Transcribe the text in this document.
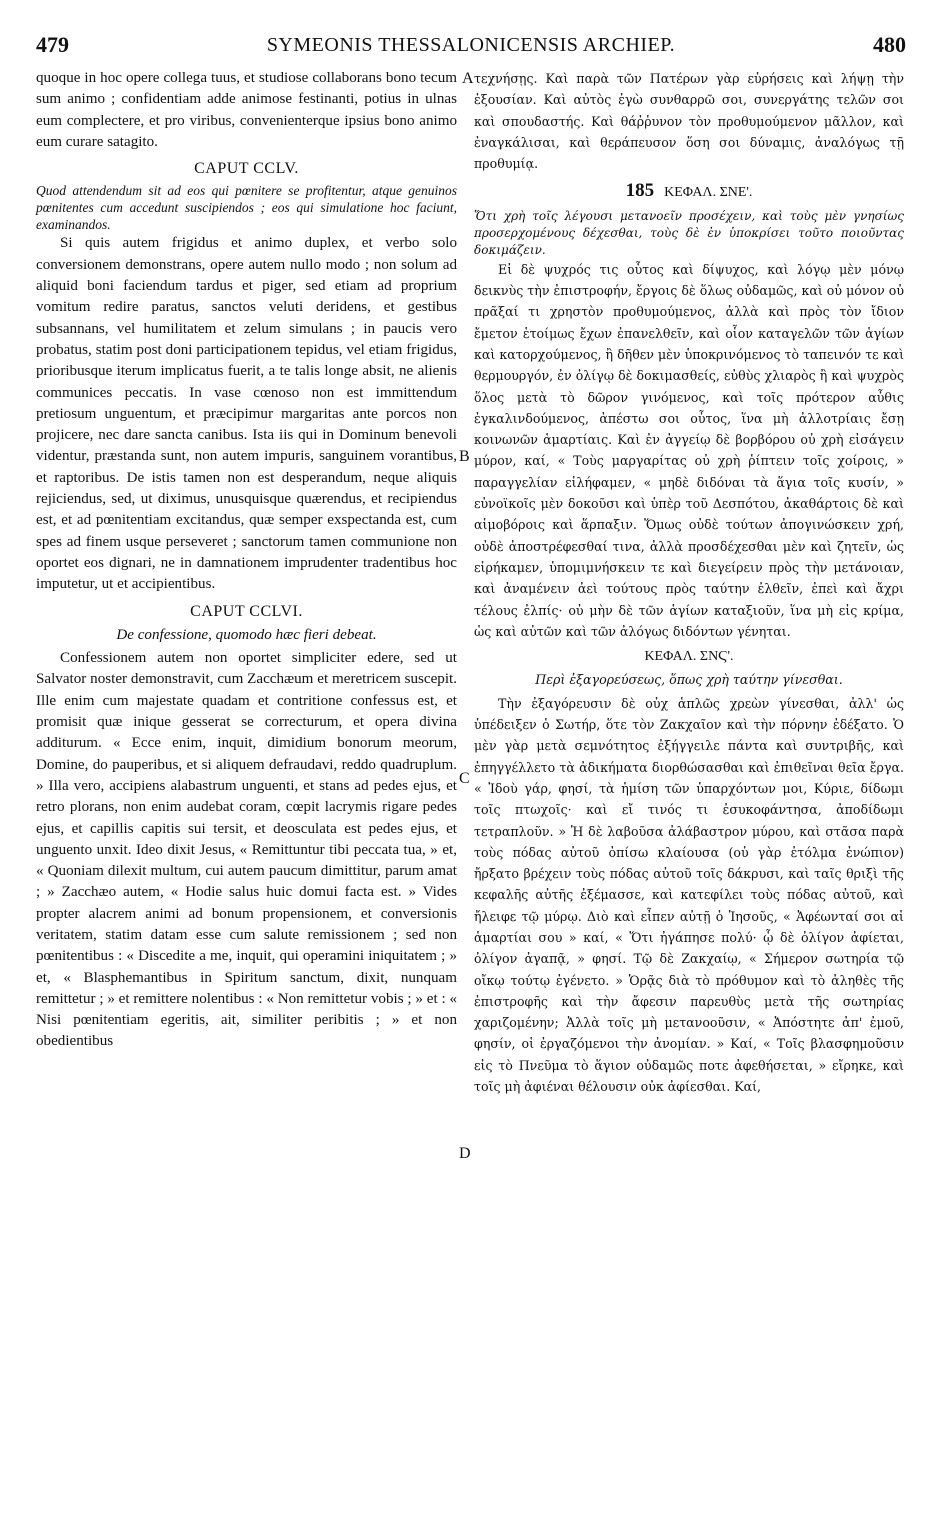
479	SYMEONIS THESSALONICENSIS ARCHIEP.	480

quoque in hoc opere collega tuus, et studiose collaborans bono tecum sum animo ; confidentiam adde animose festinanti, potius in ulnas eum complectere, et pro viribus, convenienterque ipsius bono animo eum curare satagito.

CAPUT CCLV.

Quod attendendum sit ad eos qui pœnitere se profitentur, atque genuinos pœnitentes cum accedunt suscipiendos ; eos qui simulatione hoc faciunt, examinandos.

Si quis autem frigidus et animo duplex, et verbo solo conversionem demonstrans, opere autem nullo modo ; non solum ad aliquid boni faciendum tardus et piger, sed etiam ad proprium vomitum redire paratus, sanctos veluti deridens, et gestibus subsannans, vel humilitatem et zelum simulans ; in paucis vero probatus, statim post doni participationem tepidus, vel etiam frigidus, prioribusque iterum implicatus fuerit, a te talis longe absit, ne alienis communices peccatis. In vase cœnoso non est immittendum pretiosum unguentum, et præcipimur margaritas ante porcos non projicere, nec dare sancta canibus. Ista iis qui in Dominum benevoli videntur, præstanda sunt, non autem impuris, sanguinem vorantibus, et raptoribus. De istis tamen non est desperandum, neque aliquis rejiciendus, sed, ut diximus, unusquisque quærendus, et recipiendus est, et ad pœnitentiam excitandus, quæ semper exspectanda est, cum spes ad finem usque perseveret ; sanctorum tamen communione non oportet eos dignari, ne in damnationem imprudenter tradentibus hoc imputetur, ut et accipientibus.

CAPUT CCLVI.
De confessione, quomodo hæc fieri debeat.

Confessionem autem non oportet simpliciter edere, sed ut Salvator noster demonstravit, cum Zacchæum et meretricem suscepit. Ille enim cum majestate quadam et contritione confessus est, et promisit quæ inique gesserat se correcturum, et opera divina additurum. « Ecce enim, inquit, dimidium bonorum meorum, Domine, do pauperibus, et si aliquem defraudavi, reddo quadruplum. » Illa vero, accipiens alabastrum unguenti, et stans ad pedes ejus, et retro plorans, non enim audebat coram, cœpit lacrymis rigare pedes ejus, et capillis capitis sui tersit, et deosculata est pedes ejus, et unguento unxit. Ideo dixit Jesus, « Remittuntur tibi peccata tua, » et, « Quoniam dilexit multum, cui autem paucum dimittitur, parum amat ; » Zacchæo autem, « Hodie salus huic domui facta est. » Vides propter alacrem animi ad bonum propensionem, et conversionis veritatem, statim datam esse cum salute remissionem ; sed non pœnitentibus : « Discedite a me, inquit, qui operamini iniquitatem ; » et, « Blasphemantibus in Spiritum sanctum, dixit, nunquam remittetur ; » et remittere nolentibus : « Non remittetur vobis ; » et : « Nisi pœnitentiam egeritis, ait, similiter peribitis ; » et non obedientibus

A
B
C
D

τεχνήσῃς. Καὶ παρὰ τῶν Πατέρων γὰρ εὑρήσεις καὶ λήψῃ τὴν ἐξουσίαν. Καὶ αὐτὸς ἐγὼ συνθαρρῶ σοι, συνεργάτης τελῶν σοι καὶ σπουδαστής. Καὶ θάῤῥυνον τὸν προθυμούμενον μᾶλλον, καὶ ἐναγκάλισαι, καὶ θεράπευσον ὅση σοι δύναμις, ἀναλόγως τῇ προθυμίᾳ.

185 ΚΕΦΑΛ. ΣΝΕ'.

Ὅτι χρὴ τοῖς λέγουσι μετανοεῖν προσέχειν, καὶ τοὺς μὲν γνησίως προσερχομένους δέχεσθαι, τοὺς δὲ ἐν ὑποκρίσει τοῦτο ποιοῦντας δοκιμάζειν.

Εἰ δὲ ψυχρός τις οὗτος καὶ δίψυχος, καὶ λόγῳ μὲν μόνῳ δεικνὺς τὴν ἐπιστροφήν, ἔργοις δὲ ὅλως οὐδαμῶς, καὶ οὐ μόνον οὐ πρᾶξαί τι χρηστὸν προθυμούμενος, ἀλλὰ καὶ πρὸς τὸν ἴδιον ἔμετον ἑτοίμως ἔχων ἐπανελθεῖν, καὶ οἷον καταγελῶν τῶν ἁγίων καὶ κατορχούμενος, ἢ δῆθεν μὲν ὑποκρινόμενος τὸ ταπεινόν τε καὶ θερμουργόν, ἐν ὀλίγῳ δὲ δοκιμασθείς, εὐθὺς χλιαρὸς ἢ καὶ ψυχρὸς ὅλος μετὰ τὸ δῶρον γινόμενος, καὶ τοῖς πρότερον αὖθις ἐγκαλινδούμενος, ἀπέστω σοι οὗτος, ἵνα μὴ ἀλλοτρίαις ἔσῃ κοινωνῶν ἁμαρτίαις. Καὶ ἐν ἀγγείῳ δὲ βορβόρου οὐ χρὴ εἰσάγειν μύρον, καί, « Τοὺς μαργαρίτας οὐ χρὴ ῥίπτειν τοῖς χοίροις, » παραγγελίαν εἰλήφαμεν, « μηδὲ διδόναι τὰ ἅγια τοῖς κυσίν, » εὐνοϊκοῖς μὲν δοκοῦσι καὶ ὑπὲρ τοῦ Δεσπότου, ἀκαθάρτοις δὲ καὶ αἱμοβόροις καὶ ἅρπαξιν. Ὅμως οὐδὲ τούτων ἀπογινώσκειν χρή, οὐδὲ ἀποστρέφεσθαί τινα, ἀλλὰ προσδέχεσθαι μὲν καὶ ζητεῖν, ὡς εἰρήκαμεν, ὑπομιμνήσκειν τε καὶ διεγείρειν πρὸς τὴν μετάνοιαν, καὶ ἀναμένειν ἀεὶ τούτους πρὸς ταύτην ἐλθεῖν, ἐπεὶ καὶ ἄχρι τέλους ἐλπίς· οὐ μὴν δὲ τῶν ἁγίων καταξιοῦν, ἵνα μὴ εἰς κρίμα, ὡς καὶ αὐτῶν καὶ τῶν ἀλόγως διδόντων γένηται.

ΚΕΦΑΛ. ΣΝϚ'.
Περὶ ἐξαγορεύσεως, ὅπως χρὴ ταύτην γίνεσθαι.

Τὴν ἐξαγόρευσιν δὲ οὐχ ἁπλῶς χρεὼν γίνεσθαι, ἀλλ' ὡς ὑπέδειξεν ὁ Σωτήρ, ὅτε τὸν Ζακχαῖον καὶ τὴν πόρνην ἐδέξατο. Ὁ μὲν γὰρ μετὰ σεμνότητος ἐξήγγειλε πάντα καὶ συντριβῆς, καὶ ἐπηγγέλλετο τὰ ἀδικήματα διορθώσασθαι καὶ ἐπιθεῖναι θεῖα ἔργα. « Ἰδοὺ γάρ, φησί, τὰ ἡμίση τῶν ὑπαρχόντων μοι, Κύριε, δίδωμι τοῖς πτωχοῖς· καὶ εἴ τινός τι ἐσυκοφάντησα, ἀποδίδωμι τετραπλοῦν. » Ἡ δὲ λαβοῦσα ἀλάβαστρον μύρου, καὶ στᾶσα παρὰ τοὺς πόδας αὐτοῦ ὀπίσω κλαίουσα (οὐ γὰρ ἐτόλμα ἐνώπιον) ἤρξατο βρέχειν τοὺς πόδας αὐτοῦ τοῖς δάκρυσι, καὶ ταῖς θριξὶ τῆς κεφαλῆς αὐτῆς ἐξέμασσε, καὶ κατεφίλει τοὺς πόδας αὐτοῦ, καὶ ἤλειφε τῷ μύρῳ. Διὸ καὶ εἶπεν αὐτῇ ὁ Ἰησοῦς, « Ἀφέωνταί σοι αἱ ἁμαρτίαι σου » καί, « Ὅτι ἠγάπησε πολύ· ᾧ δὲ ὀλίγον ἀφίεται, ὀλίγον ἀγαπᾷ, » φησί. Τῷ δὲ Ζακχαίῳ, « Σήμερον σωτηρία τῷ οἴκῳ τούτῳ ἐγένετο. » Ὁρᾷς διὰ τὸ πρόθυμον καὶ τὸ ἀληθὲς τῆς ἐπιστροφῆς καὶ τὴν ἄφεσιν παρευθὺς μετὰ τῆς σωτηρίας χαριζομένην; Ἀλλὰ τοῖς μὴ μετανοοῦσιν, « Ἀπόστητε ἀπ' ἐμοῦ, φησίν, οἱ ἐργαζόμενοι τὴν ἀνομίαν. » Καί, « Τοῖς βλασφημοῦσιν εἰς τὸ Πνεῦμα τὸ ἅγιον οὐδαμῶς ποτε ἀφεθήσεται, » εἴρηκε, καὶ τοῖς μὴ ἀφιέναι θέλουσιν οὐκ ἀφίεσθαι. Καί,
